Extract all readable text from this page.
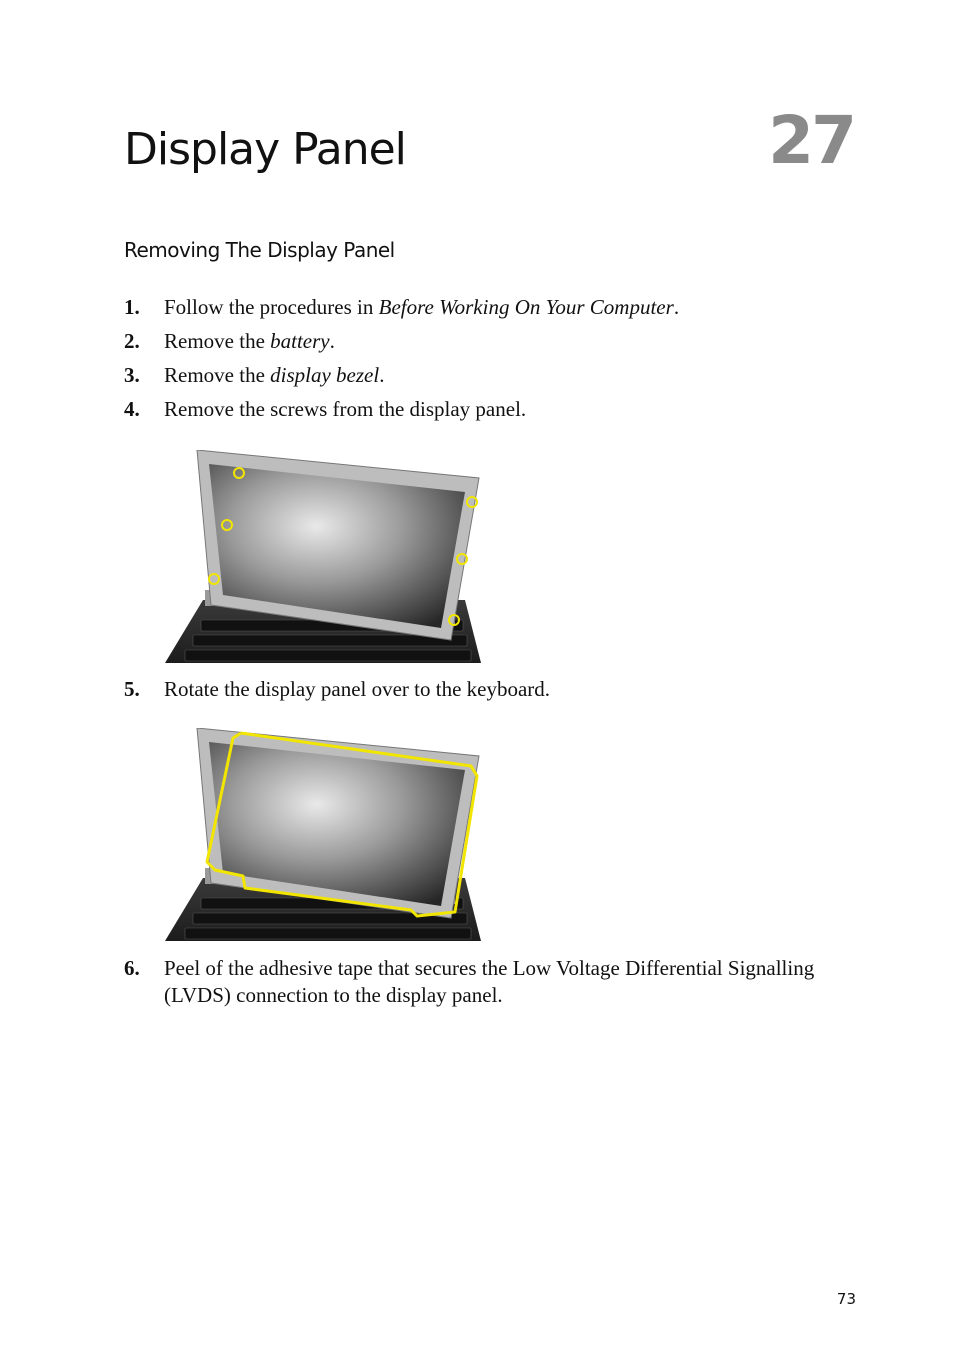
Display Panel	27
Removing The Display Panel
1. Follow the procedures in Before Working On Your Computer.
2. Remove the battery.
3. Remove the display bezel.
4. Remove the screws from the display panel.
5. Rotate the display panel over to the keyboard.
6. Peel of the adhesive tape that secures the Low Voltage Differential Signalling (LVDS) connection to the display panel.
73
